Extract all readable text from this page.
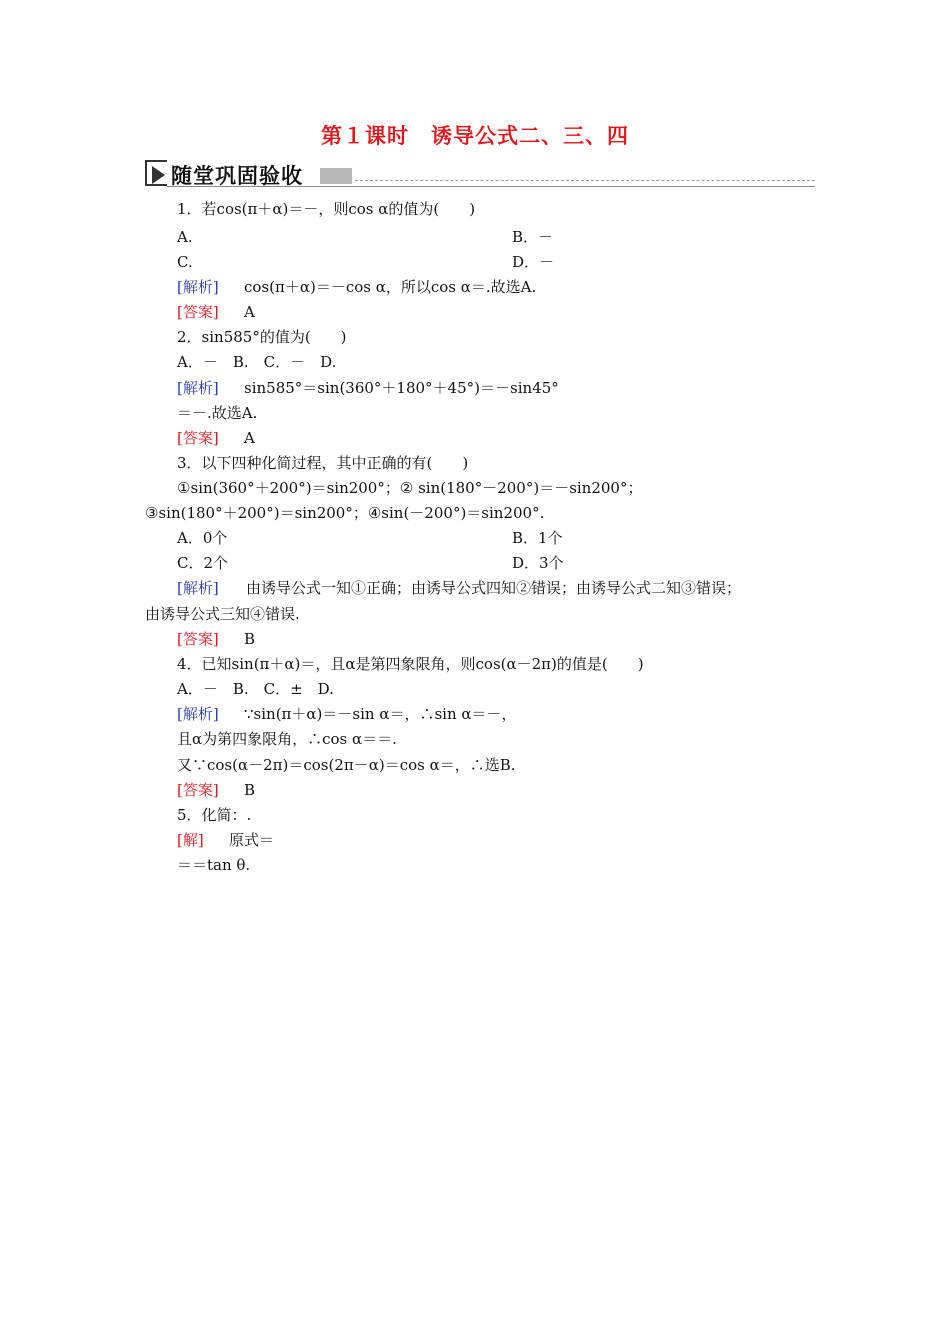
第１课时　诱导公式二、三、四
随堂巩固验收
1．若cos(π＋α)＝－，则cos α的值为(　　)
A.	B．－
C.	D．－
[解析] cos(π＋α)＝－cos α，所以cos α＝.故选A.
[答案] A
2．sin585°的值为(　　)
A．－　B.　C．－　D.
[解析] sin585°＝sin(360°＋180°＋45°)＝－sin45°
＝－.故选A.
[答案] A
3．以下四种化简过程，其中正确的有(　　)
①sin(360°＋200°)＝sin200°；② sin(180°－200°)＝－sin200°；
③sin(180°＋200°)＝sin200°；④sin(－200°)＝sin200°.
A．0个	B．1个
C．2个	D．3个
[解析] 由诱导公式一知①正确；由诱导公式四知②错误；由诱导公式二知③错误；
由诱导公式三知④错误.
[答案] B
4．已知sin(π＋α)＝，且α是第四象限角，则cos(α－2π)的值是(　　)
A．－　B.　C．±　D.
[解析] ∵sin(π＋α)＝－sin α＝，∴sin α＝－，
且α为第四象限角，∴cos α＝＝.
又∵cos(α－2π)＝cos(2π－α)＝cos α＝，∴选B.
[答案] B
5．化简：.
[解] 原式＝
＝＝tan θ.
